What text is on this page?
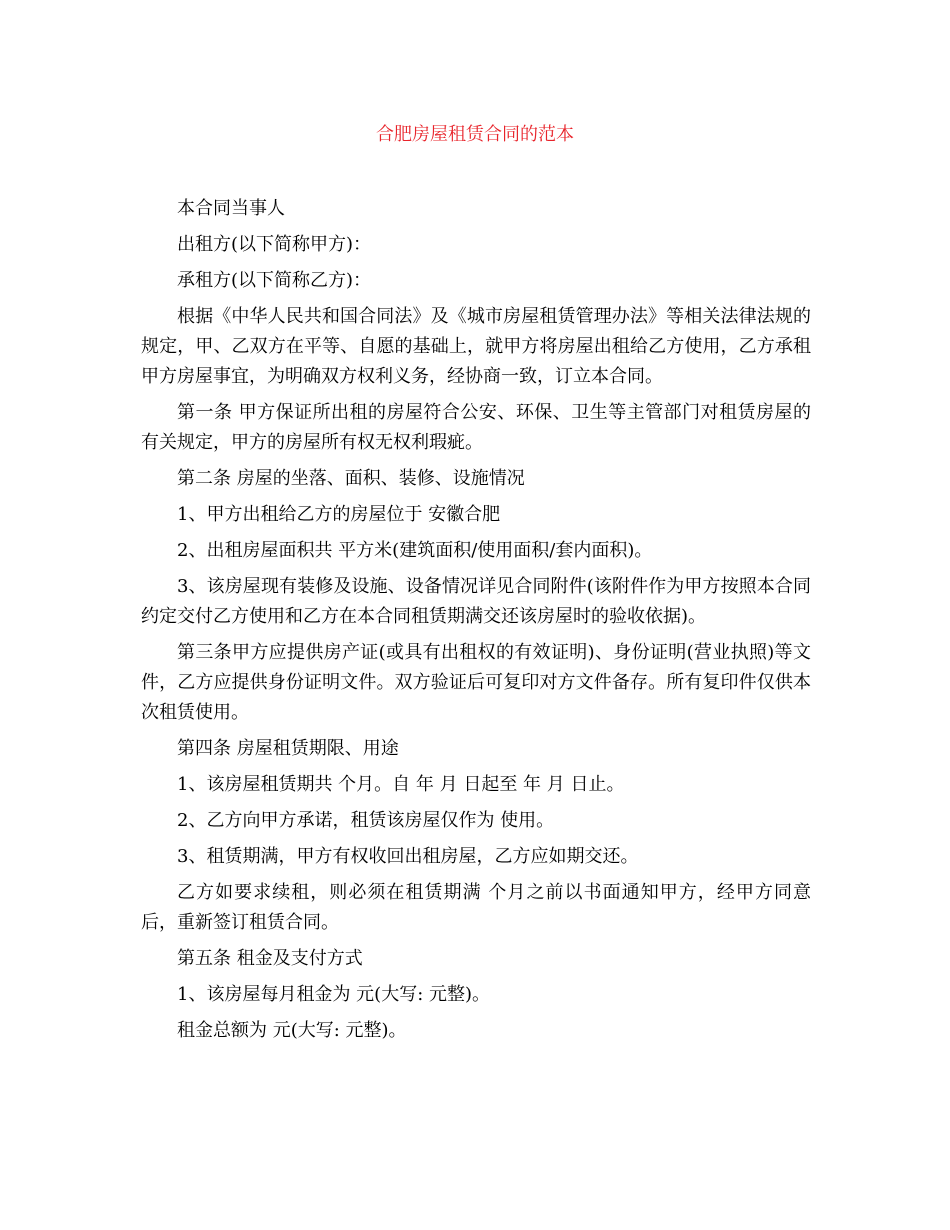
合肥房屋租赁合同的范本

本合同当事人

出租方(以下简称甲方)：

承租方(以下简称乙方)：

根据《中华人民共和国合同法》及《城市房屋租赁管理办法》等相关法律法规的规定，甲、乙双方在平等、自愿的基础上，就甲方将房屋出租给乙方使用，乙方承租甲方房屋事宜，为明确双方权利义务，经协商一致，订立本合同。

第一条 甲方保证所出租的房屋符合公安、环保、卫生等主管部门对租赁房屋的有关规定，甲方的房屋所有权无权利瑕疵。

第二条 房屋的坐落、面积、装修、设施情况

1、甲方出租给乙方的房屋位于 安徽合肥

2、出租房屋面积共 平方米(建筑面积/使用面积/套内面积)。

3、该房屋现有装修及设施、设备情况详见合同附件(该附件作为甲方按照本合同约定交付乙方使用和乙方在本合同租赁期满交还该房屋时的验收依据)。

第三条甲方应提供房产证(或具有出租权的有效证明)、身份证明(营业执照)等文件，乙方应提供身份证明文件。双方验证后可复印对方文件备存。所有复印件仅供本次租赁使用。

第四条 房屋租赁期限、用途

1、该房屋租赁期共 个月。自 年 月 日起至 年 月 日止。

2、乙方向甲方承诺，租赁该房屋仅作为 使用。

3、租赁期满，甲方有权收回出租房屋，乙方应如期交还。

乙方如要求续租，则必须在租赁期满 个月之前以书面通知甲方，经甲方同意后，重新签订租赁合同。

第五条 租金及支付方式

1、该房屋每月租金为 元(大写: 元整)。

租金总额为 元(大写: 元整)。
